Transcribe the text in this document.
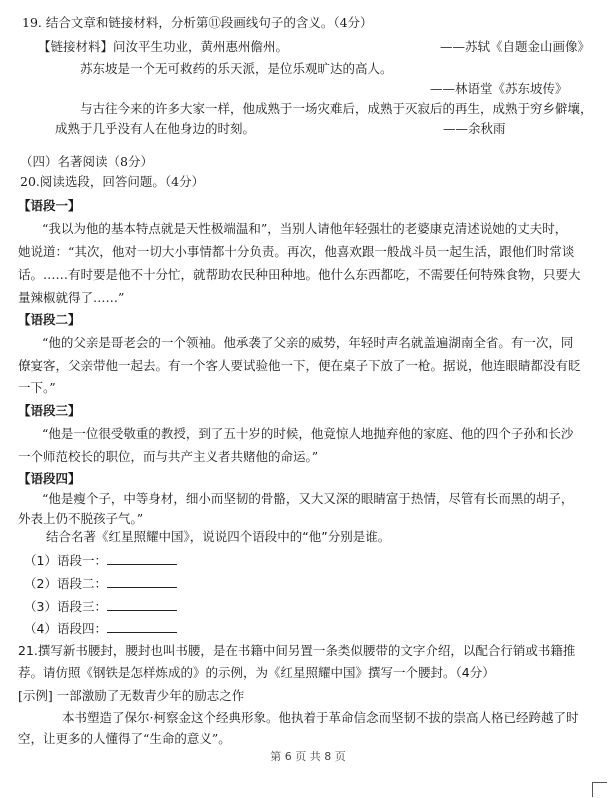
19. 结合文章和链接材料，分析第⑪段画线句子的含义。（4分）
【链接材料】问汝平生功业，黄州惠州儋州。	——苏轼《自题金山画像》
苏东坡是一个无可救药的乐天派，是位乐观旷达的高人。
——林语堂《苏东坡传》
与古往今来的许多大家一样，他成熟于一场灾难后，成熟于灭寂后的再生，成熟于穷乡僻壤，
成熟于几乎没有人在他身边的时刻。	——余秋雨
（四）名著阅读（8分）
20.阅读选段，回答问题。（4分）
【语段一】
“我以为他的基本特点就是天性极端温和”，当别人请他年轻强壮的老婆康克清述说她的丈夫时，
她说道：“其次，他对一切大小事情都十分负责。再次，他喜欢跟一般战斗员一起生活，跟他们时常谈
话。……有时要是他不十分忙，就帮助农民种田种地。他什么东西都吃，不需要任何特殊食物，只要大
量辣椒就得了……”
【语段二】
“他的父亲是哥老会的一个领袖。他承袭了父亲的威势，年轻时声名就盖遍湖南全省。有一次，同
僚宴客，父亲带他一起去。有一个客人要试验他一下，便在桌子下放了一枪。据说，他连眼睛都没有眨
一下。”
【语段三】
“他是一位很受敬重的教授，到了五十岁的时候，他竟惊人地抛弃他的家庭、他的四个子孙和长沙
一个师范校长的职位，而与共产主义者共赌他的命运。”
【语段四】
“他是瘦个子，中等身材，细小而坚韧的骨骼，又大又深的眼睛富于热情，尽管有长而黑的胡子，
外表上仍不脱孩子气。”
结合名著《红星照耀中国》，说说四个语段中的“他”分别是谁。
（1）语段一：
（2）语段二：
（3）语段三：
（4）语段四：
21.撰写新书腰封，腰封也叫书腰，是在书籍中间另置一条类似腰带的文字介绍，以配合行销或书籍推
荐。请仿照《钢铁是怎样炼成的》的示例，为《红星照耀中国》撰写一个腰封。（4分）
[示例] 一部激励了无数青少年的励志之作
本书塑造了保尔·柯察金这个经典形象。他执着于革命信念而坚韧不拔的崇高人格已经跨越了时
空，让更多的人懂得了“生命的意义”。
第 6 页 共 8 页
